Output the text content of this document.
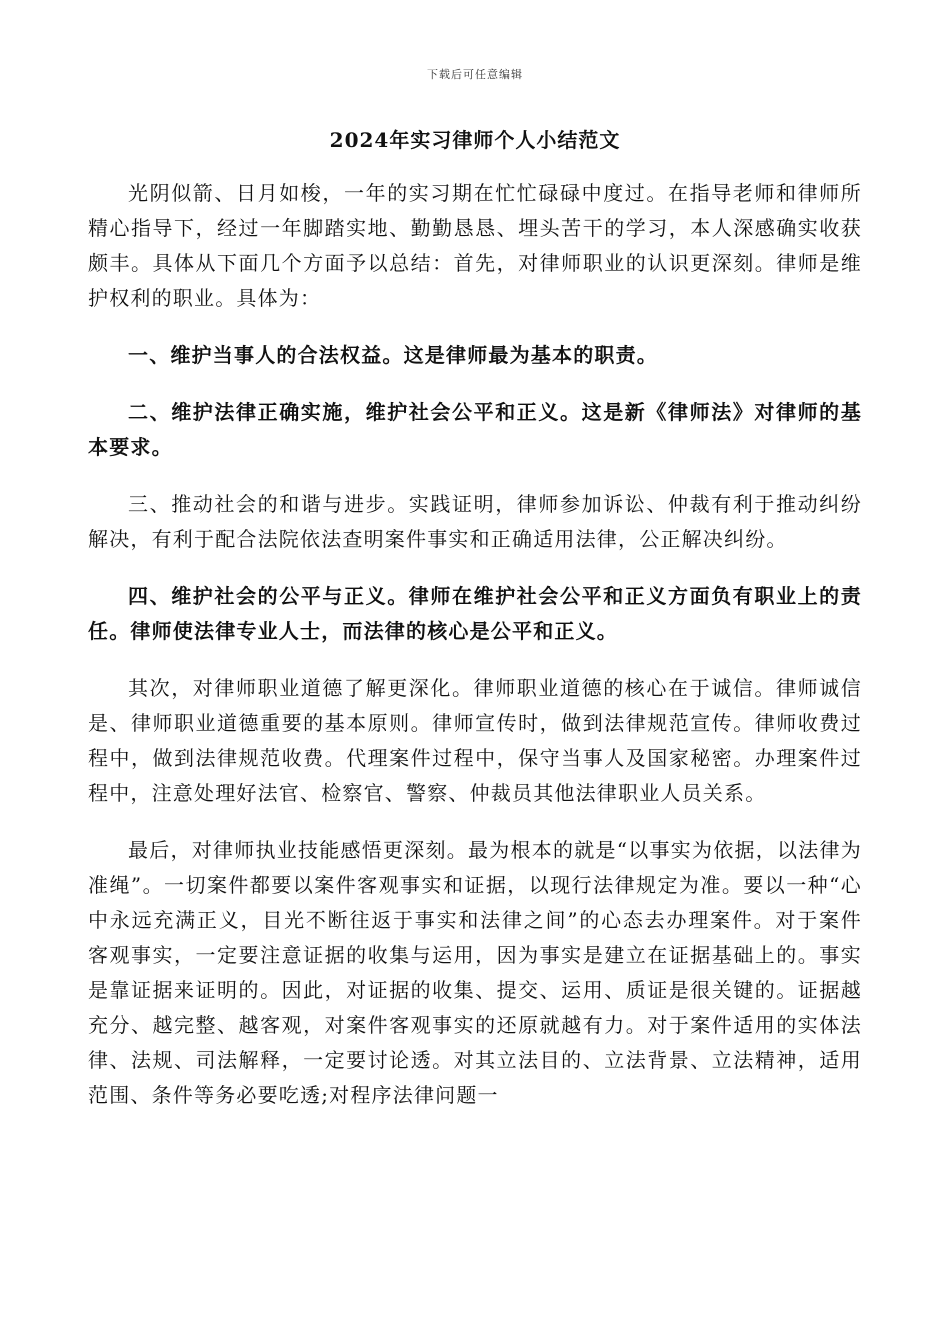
下载后可任意编辑
2024年实习律师个人小结范文

光阴似箭、日月如梭，一年的实习期在忙忙碌碌中度过。在指导老师和律师所精心指导下，经过一年脚踏实地、勤勤恳恳、埋头苦干的学习，本人深感确实收获颇丰。具体从下面几个方面予以总结：首先，对律师职业的认识更深刻。律师是维护权利的职业。具体为：

一、维护当事人的合法权益。这是律师最为基本的职责。

二、维护法律正确实施，维护社会公平和正义。这是新《律师法》对律师的基本要求。

三、推动社会的和谐与进步。实践证明，律师参加诉讼、仲裁有利于推动纠纷解决，有利于配合法院依法查明案件事实和正确适用法律，公正解决纠纷。

四、维护社会的公平与正义。律师在维护社会公平和正义方面负有职业上的责任。律师使法律专业人士，而法律的核心是公平和正义。

其次，对律师职业道德了解更深化。律师职业道德的核心在于诚信。律师诚信是、律师职业道德重要的基本原则。律师宣传时，做到法律规范宣传。律师收费过程中，做到法律规范收费。代理案件过程中，保守当事人及国家秘密。办理案件过程中，注意处理好法官、检察官、警察、仲裁员其他法律职业人员关系。

最后，对律师执业技能感悟更深刻。最为根本的就是“以事实为依据，以法律为准绳”。一切案件都要以案件客观事实和证据，以现行法律规定为准。要以一种“心中永远充满正义，目光不断往返于事实和法律之间”的心态去办理案件。对于案件客观事实，一定要注意证据的收集与运用，因为事实是建立在证据基础上的。事实是靠证据来证明的。因此，对证据的收集、提交、运用、质证是很关键的。证据越充分、越完整、越客观，对案件客观事实的还原就越有力。对于案件适用的实体法律、法规、司法解释，一定要讨论透。对其立法目的、立法背景、立法精神，适用范围、条件等务必要吃透;对程序法律问题一
